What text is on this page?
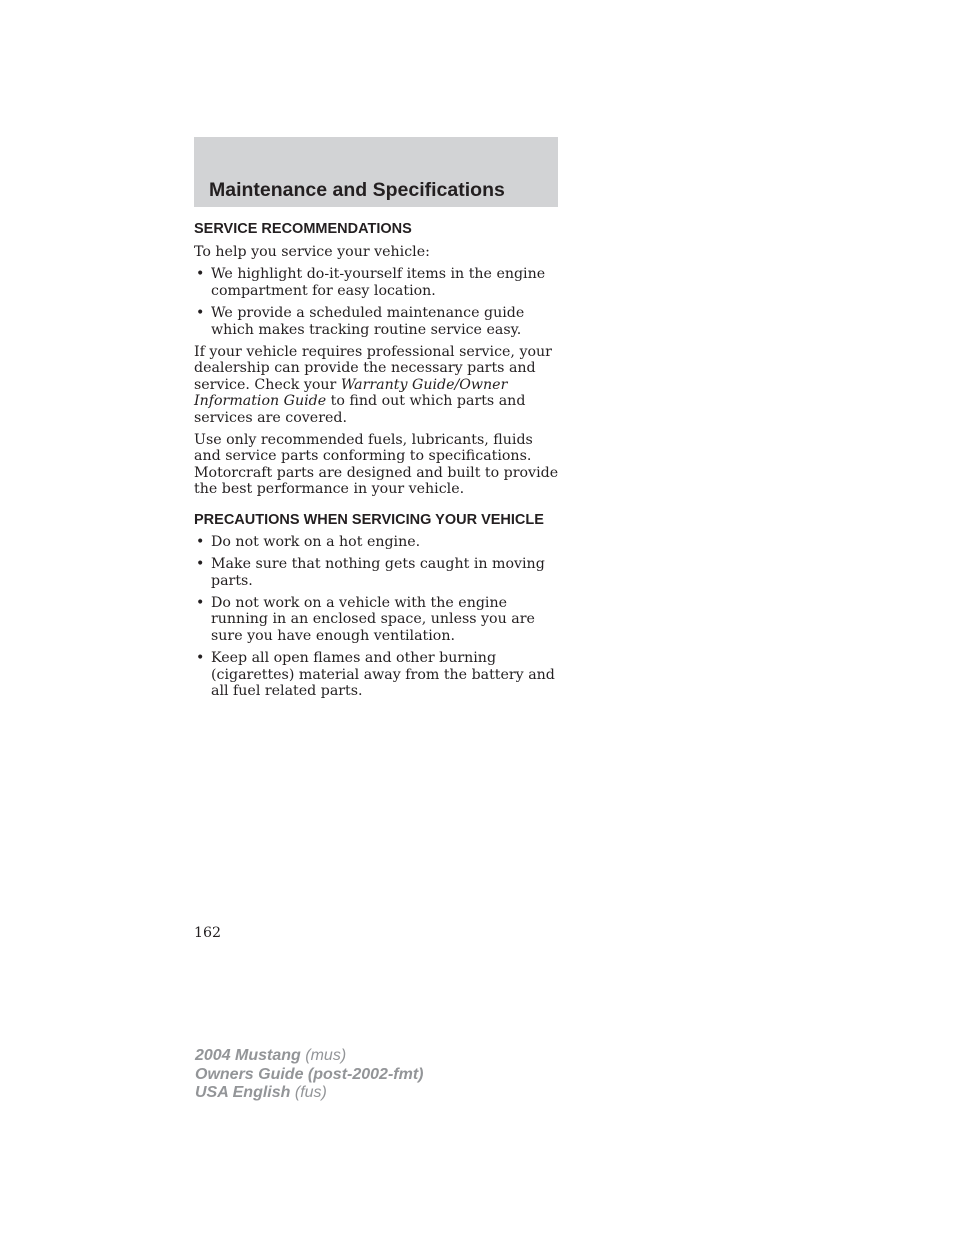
Maintenance and Specifications
SERVICE RECOMMENDATIONS

To help you service your vehicle:

• We highlight do-it-yourself items in the engine compartment for easy location.
• We provide a scheduled maintenance guide which makes tracking routine service easy.

If your vehicle requires professional service, your dealership can provide the necessary parts and service. Check your Warranty Guide/Owner Information Guide to find out which parts and services are covered.

Use only recommended fuels, lubricants, fluids and service parts conforming to specifications. Motorcraft parts are designed and built to provide the best performance in your vehicle.

PRECAUTIONS WHEN SERVICING YOUR VEHICLE
• Do not work on a hot engine.
• Make sure that nothing gets caught in moving parts.
• Do not work on a vehicle with the engine running in an enclosed space, unless you are sure you have enough ventilation.
• Keep all open flames and other burning (cigarettes) material away from the battery and all fuel related parts.
162
2004 Mustang (mus)
Owners Guide (post-2002-fmt)
USA English (fus)
